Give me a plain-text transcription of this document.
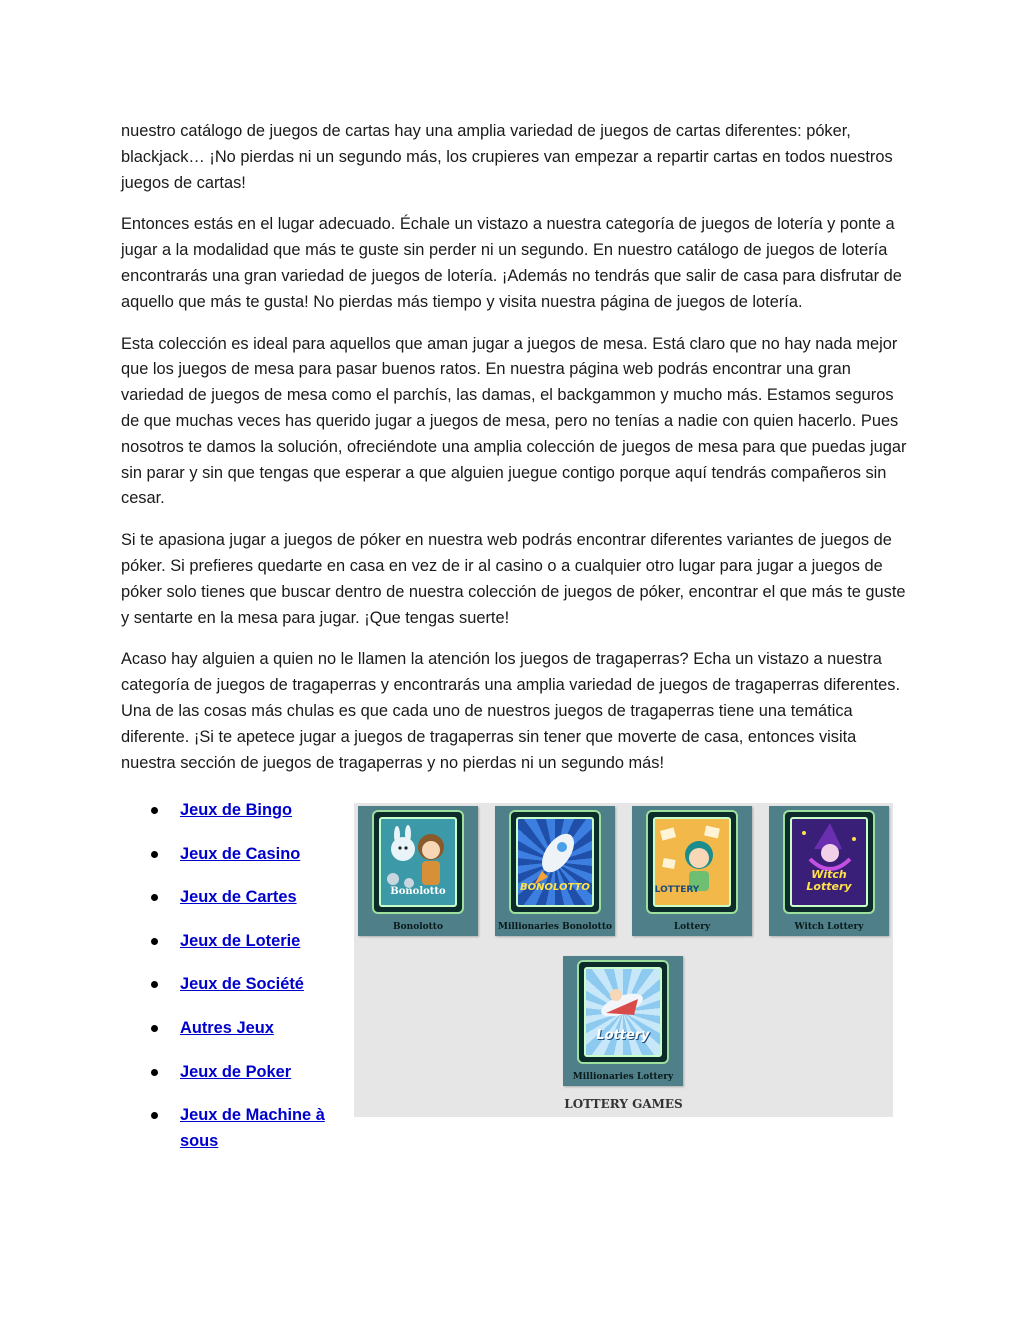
nuestro catálogo de juegos de cartas hay una amplia variedad de juegos de cartas diferentes: póker, blackjack… ¡No pierdas ni un segundo más, los crupieres van empezar a repartir cartas en todos nuestros juegos de cartas!

Entonces estás en el lugar adecuado. Échale un vistazo a nuestra categoría de juegos de lotería y ponte a jugar a la modalidad que más te guste sin perder ni un segundo. En nuestro catálogo de juegos de lotería encontrarás una gran variedad de juegos de lotería. ¡Además no tendrás que salir de casa para disfrutar de aquello que más te gusta! No pierdas más tiempo y visita nuestra página de juegos de lotería.

Esta colección es ideal para aquellos que aman jugar a juegos de mesa. Está claro que no hay nada mejor que los juegos de mesa para pasar buenos ratos. En nuestra página web podrás encontrar una gran variedad de juegos de mesa como el parchís, las damas, el backgammon y mucho más. Estamos seguros de que muchas veces has querido jugar a juegos de mesa, pero no tenías a nadie con quien hacerlo. Pues nosotros te damos la solución, ofreciéndote una amplia colección de juegos de mesa para que puedas jugar sin parar y sin que tengas que esperar a que alguien juegue contigo porque aquí tendrás compañeros sin cesar.

Si te apasiona jugar a juegos de póker en nuestra web podrás encontrar diferentes variantes de juegos de póker. Si prefieres quedarte en casa en vez de ir al casino o a cualquier otro lugar para jugar a juegos de póker solo tienes que buscar dentro de nuestra colección de juegos de póker, encontrar el que más te guste y sentarte en la mesa para jugar. ¡Que tengas suerte!

Acaso hay alguien a quien no le llamen la atención los juegos de tragaperras? Echa un vistazo a nuestra categoría de juegos de tragaperras y encontrarás una amplia variedad de juegos de tragaperras diferentes. Una de las cosas más chulas es que cada uno de nuestros juegos de tragaperras tiene una temática diferente. ¡Si te apetece jugar a juegos de tragaperras sin tener que moverte de casa, entonces visita nuestra sección de juegos de tragaperras y no pierdas ni un segundo más!

Jeux de Bingo
Jeux de Casino
Jeux de Cartes
Jeux de Loterie
Jeux de Société
Autres Jeux
Jeux de Poker
Jeux de Machine à sous
Bonolotto
Bonolotto
BONOLOTTO
Millionaries Bonolotto
LOTTERY
Lottery
Witch Lottery
Witch Lottery
Lottery
Millionaries Lottery
LOTTERY GAMES
